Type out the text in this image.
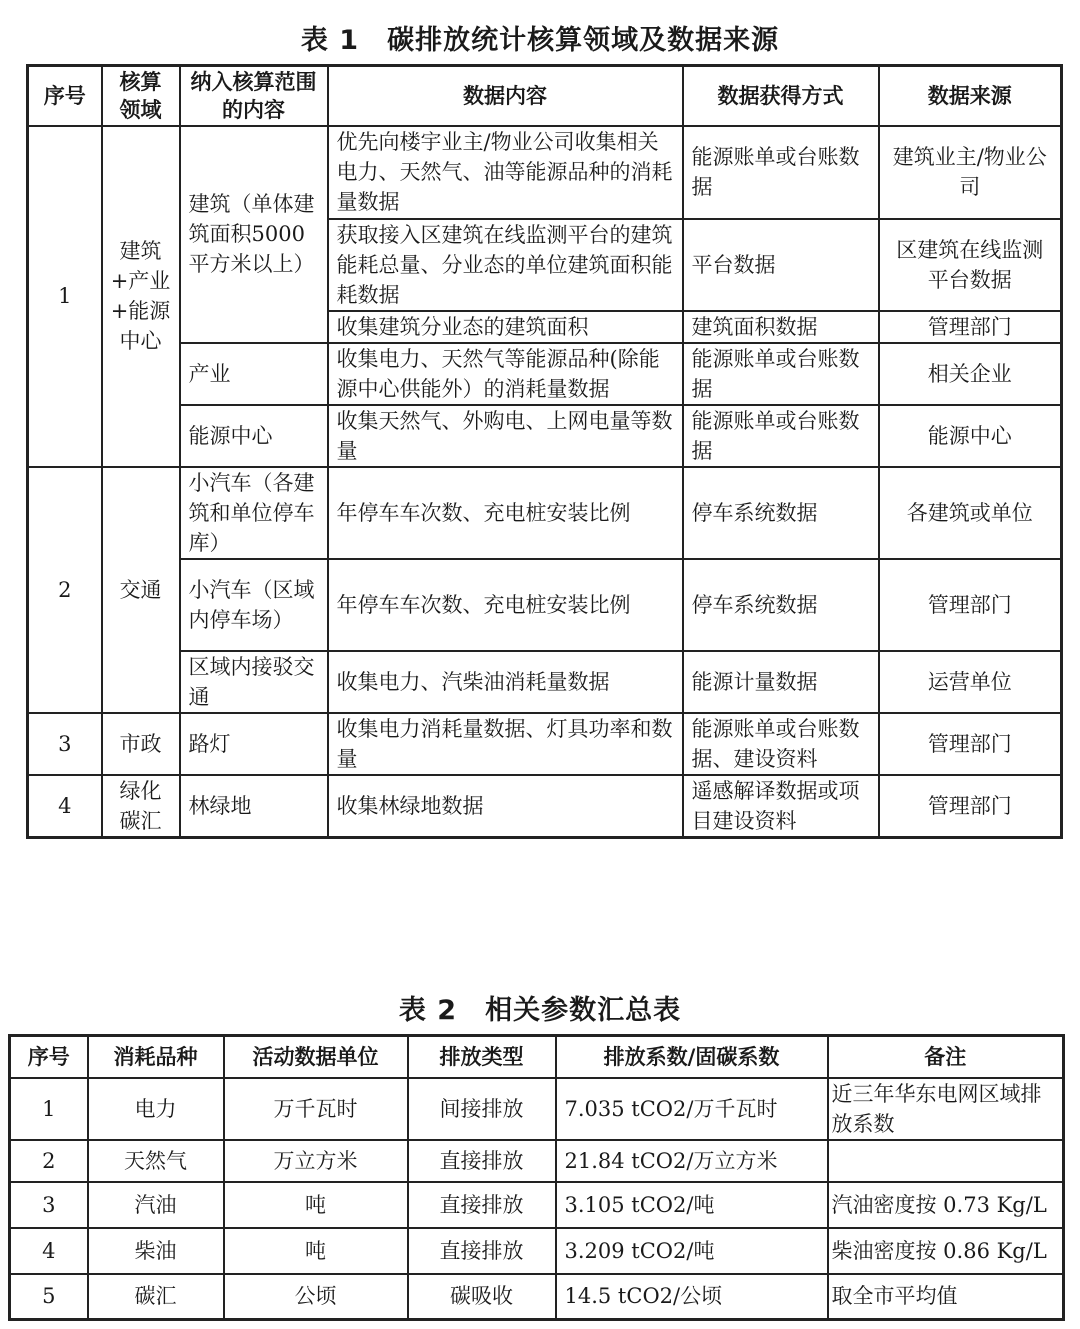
表 1　碳排放统计核算领域及数据来源
序号	核算领域	纳入核算范围的内容	数据内容	数据获得方式	数据来源
1	建筑+产业+能源中心	建筑（单体建筑面积5000平方米以上）	优先向楼宇业主/物业公司收集相关电力、天然气、油等能源品种的消耗量数据	能源账单或台账数据	建筑业主/物业公司
			获取接入区建筑在线监测平台的建筑能耗总量、分业态的单位建筑面积能耗数据	平台数据	区建筑在线监测平台数据
			收集建筑分业态的建筑面积	建筑面积数据	管理部门
		产业	收集电力、天然气等能源品种(除能源中心供能外）的消耗量数据	能源账单或台账数据	相关企业
		能源中心	收集天然气、外购电、上网电量等数量	能源账单或台账数据	能源中心
2	交通	小汽车（各建筑和单位停车库）	年停车车次数、充电桩安装比例	停车系统数据	各建筑或单位
		小汽车（区域内停车场）	年停车车次数、充电桩安装比例	停车系统数据	管理部门
		区域内接驳交通	收集电力、汽柴油消耗量数据	能源计量数据	运营单位
3	市政	路灯	收集电力消耗量数据、灯具功率和数量	能源账单或台账数据、建设资料	管理部门
4	绿化碳汇	林绿地	收集林绿地数据	遥感解译数据或项目建设资料	管理部门
表 2　相关参数汇总表
序号	消耗品种	活动数据单位	排放类型	排放系数/固碳系数	备注
1	电力	万千瓦时	间接排放	7.035 tCO2/万千瓦时	近三年华东电网区域排放系数
2	天然气	万立方米	直接排放	21.84 tCO2/万立方米	
3	汽油	吨	直接排放	3.105 tCO2/吨	汽油密度按 0.73 Kg/L
4	柴油	吨	直接排放	3.209 tCO2/吨	柴油密度按 0.86 Kg/L
5	碳汇	公顷	碳吸收	14.5 tCO2/公顷	取全市平均值
